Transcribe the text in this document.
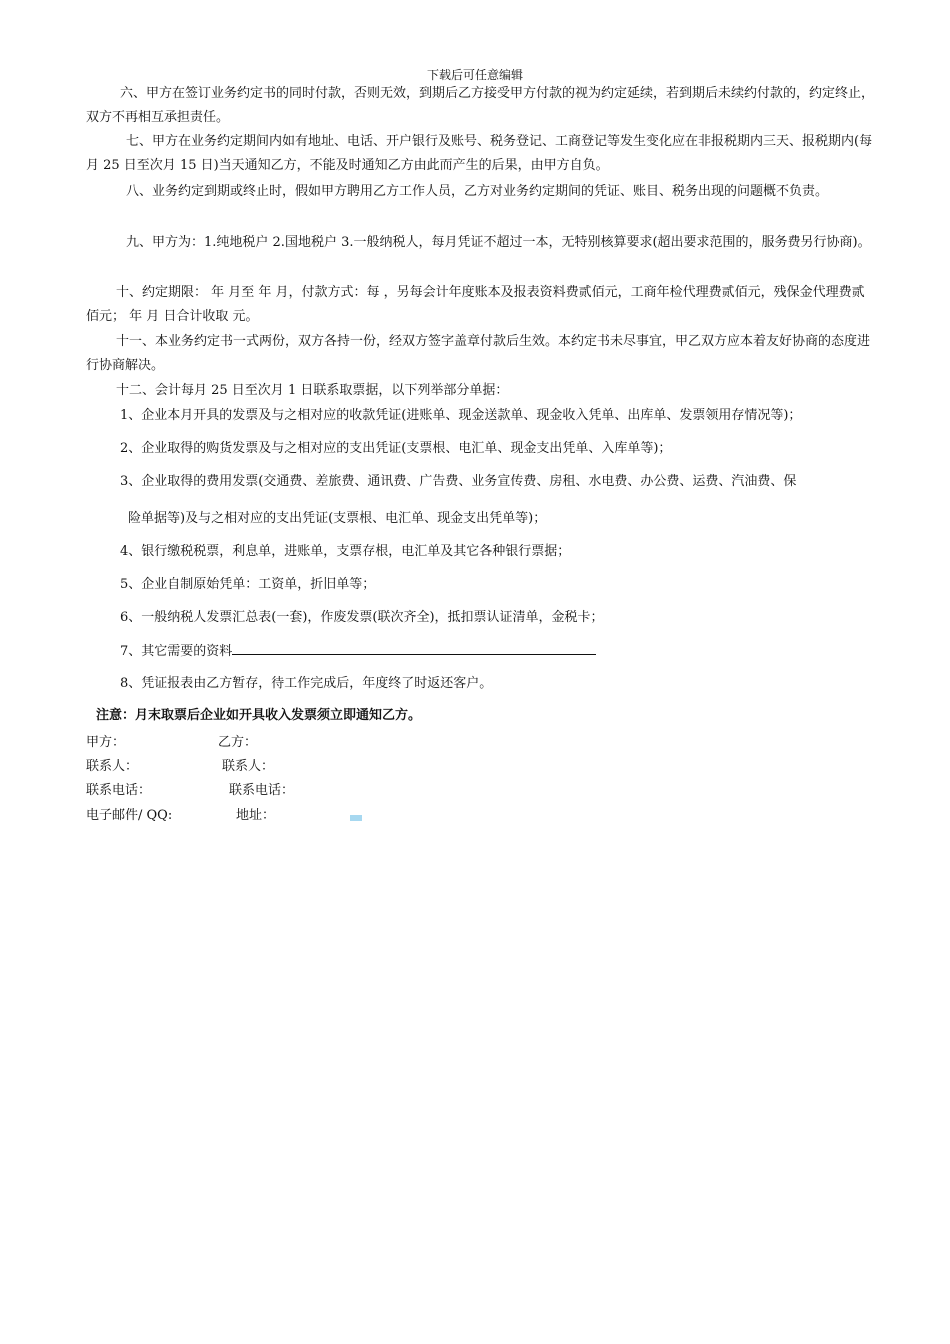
下载后可任意编辑

六、甲方在签订业务约定书的同时付款，否则无效，到期后乙方接受甲方付款的视为约定延续，若到期后未续约付款的，约定终止，双方不再相互承担责任。

七、甲方在业务约定期间内如有地址、电话、开户银行及账号、税务登记、工商登记等发生变化应在非报税期内三天、报税期内(每月 25 日至次月 15 日)当天通知乙方，不能及时通知乙方由此而产生的后果，由甲方自负。

八、业务约定到期或终止时，假如甲方聘用乙方工作人员，乙方对业务约定期间的凭证、账目、税务出现的问题概不负责。

九、甲方为：1.纯地税户 2.国地税户 3.一般纳税人，每月凭证不超过一本，无特别核算要求(超出要求范围的，服务费另行协商)。

十、约定期限： 年 月至 年 月，付款方式：每 ，另每会计年度账本及报表资料费贰佰元，工商年检代理费贰佰元，残保金代理费贰佰元； 年 月 日合计收取 元。

十一、本业务约定书一式两份，双方各持一份，经双方签字盖章付款后生效。本约定书未尽事宜，甲乙双方应本着友好协商的态度进行协商解决。

十二、会计每月 25 日至次月 1 日联系取票据，以下列举部分单据：

1、企业本月开具的发票及与之相对应的收款凭证(进账单、现金送款单、现金收入凭单、出库单、发票领用存情况等)；

2、企业取得的购货发票及与之相对应的支出凭证(支票根、电汇单、现金支出凭单、入库单等)；

3、企业取得的费用发票(交通费、差旅费、通讯费、广告费、业务宣传费、房租、水电费、办公费、运费、汽油费、保

险单据等)及与之相对应的支出凭证(支票根、电汇单、现金支出凭单等)；

4、银行缴税税票，利息单，进账单，支票存根，电汇单及其它各种银行票据；

5、企业自制原始凭单：工资单，折旧单等；

6、一般纳税人发票汇总表(一套)，作废发票(联次齐全)，抵扣票认证清单，金税卡；

7、其它需要的资料

8、凭证报表由乙方暂存，待工作完成后，年度终了时返还客户。

注意：月末取票后企业如开具收入发票须立即通知乙方。
甲方：	乙方：
联系人：	联系人：
联系电话：	联系电话：
电子邮件/ QQ:	地址：
